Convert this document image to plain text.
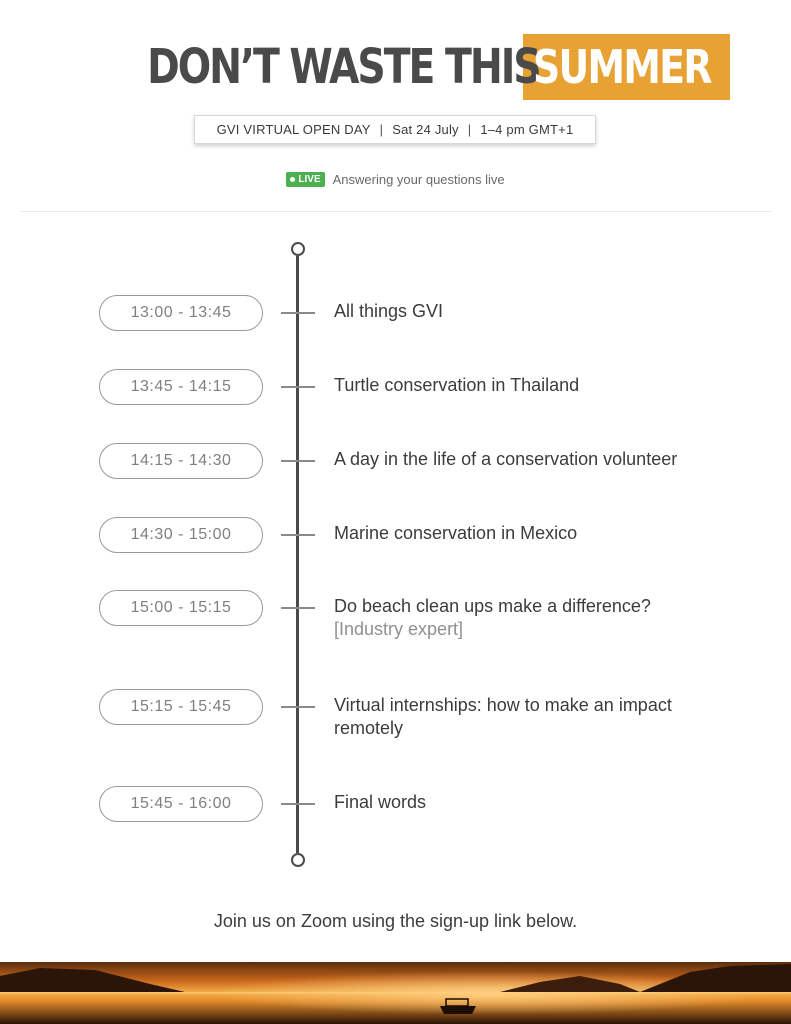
DON’T WASTE THIS
SUMMER
GVI VIRTUAL OPEN DAY | Sat 24 July | 1–4 pm GMT+1
LIVE Answering your questions live
13:00 - 13:45	All things GVI
13:45 - 14:15	Turtle conservation in Thailand
14:15 - 14:30	A day in the life of a conservation volunteer
14:30 - 15:00	Marine conservation in Mexico
15:00 - 15:15	Do beach clean ups make a difference?
[Industry expert]
15:15 - 15:45	Virtual internships: how to make an impact remotely
15:45 - 16:00	Final words
Join us on Zoom using the sign-up link below.
